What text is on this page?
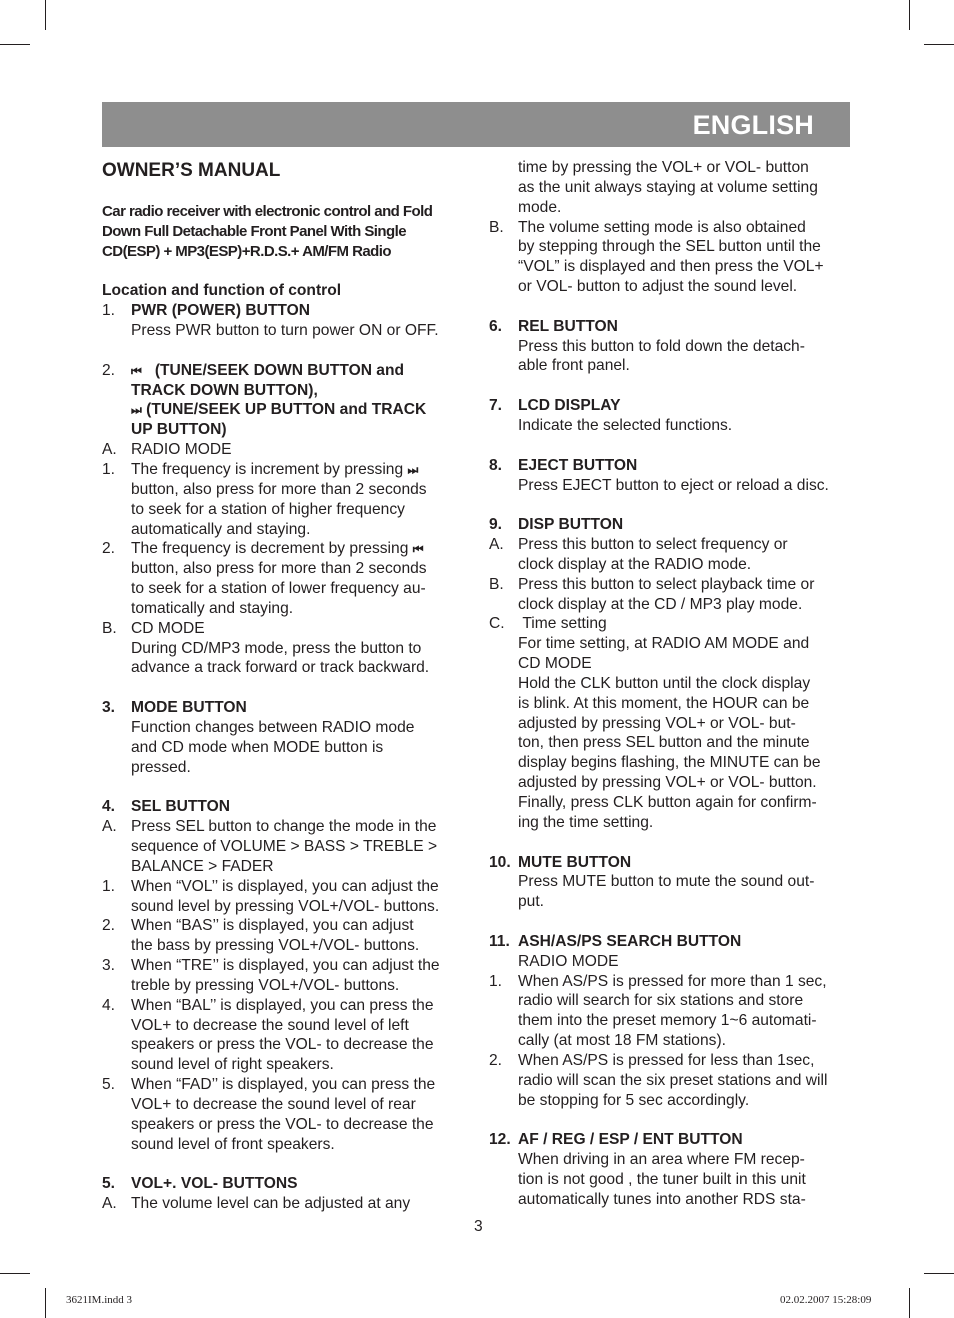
ENGLISH
OWNER’S MANUAL
Car radio receiver with electronic control and Fold
Down Full Detachable Front Panel With Single
CD(ESP) + MP3(ESP)+R.D.S.+ AM/FM Radio
Location and function of control
1. PWR (POWER) BUTTON
Press PWR button to turn power ON or OFF.
2. ⏮ (TUNE/SEEK DOWN BUTTON and
TRACK DOWN BUTTON),
⏭ (TUNE/SEEK UP BUTTON and TRACK
UP BUTTON)
A. RADIO MODE
1. The frequency is increment by pressing ⏭
button, also press for more than 2 seconds
to seek for a station of higher frequency
automatically and staying.
2. The frequency is decrement by pressing ⏮
button, also press for more than 2 seconds
to seek for a station of lower frequency au-
tomatically and staying.
B. CD MODE
During CD/MP3 mode, press the button to
advance a track forward or track backward.
3. MODE BUTTON
Function changes between RADIO mode
and CD mode when MODE button is
pressed.
4. SEL BUTTON
A. Press SEL button to change the mode in the
sequence of VOLUME > BASS > TREBLE >
BALANCE > FADER
1. When “VOL’’ is displayed, you can adjust the
sound level by pressing VOL+/VOL- buttons.
2. When “BAS’’ is displayed, you can adjust
the bass by pressing VOL+/VOL- buttons.
3. When “TRE’’ is displayed, you can adjust the
treble by pressing VOL+/VOL- buttons.
4. When “BAL’’ is displayed, you can press the
VOL+ to decrease the sound level of left
speakers or press the VOL- to decrease the
sound level of right speakers.
5. When “FAD’’ is displayed, you can press the
VOL+ to decrease the sound level of rear
speakers or press the VOL- to decrease the
sound level of front speakers.
5. VOL+. VOL- BUTTONS
A. The volume level can be adjusted at any
time by pressing the VOL+ or VOL- button
as the unit always staying at volume setting
mode.
B. The volume setting mode is also obtained
by stepping through the SEL button until the
“VOL” is displayed and then press the VOL+
or VOL- button to adjust the sound level.
6. REL BUTTON
Press this button to fold down the detach-
able front panel.
7. LCD DISPLAY
Indicate the selected functions.
8. EJECT BUTTON
Press EJECT button to eject or reload a disc.
9. DISP BUTTON
A. Press this button to select frequency or
clock display at the RADIO mode.
B. Press this button to select playback time or
clock display at the CD / MP3 play mode.
C. Time setting
For time setting, at RADIO AM MODE and
CD MODE
Hold the CLK button until the clock display
is blink. At this moment, the HOUR can be
adjusted by pressing VOL+ or VOL- but-
ton, then press SEL button and the minute
display begins flashing, the MINUTE can be
adjusted by pressing VOL+ or VOL- button.
Finally, press CLK button again for confirm-
ing the time setting.
10. MUTE BUTTON
Press MUTE button to mute the sound out-
put.
11. ASH/AS/PS SEARCH BUTTON
RADIO MODE
1. When AS/PS is pressed for more than 1 sec,
radio will search for six stations and store
them into the preset memory 1~6 automati-
cally (at most 18 FM stations).
2. When AS/PS is pressed for less than 1sec,
radio will scan the six preset stations and will
be stopping for 5 sec accordingly.
12. AF / REG / ESP / ENT BUTTON
When driving in an area where FM recep-
tion is not good , the tuner built in this unit
automatically tunes into another RDS sta-
3
3621IM.indd 3	02.02.2007 15:28:09
